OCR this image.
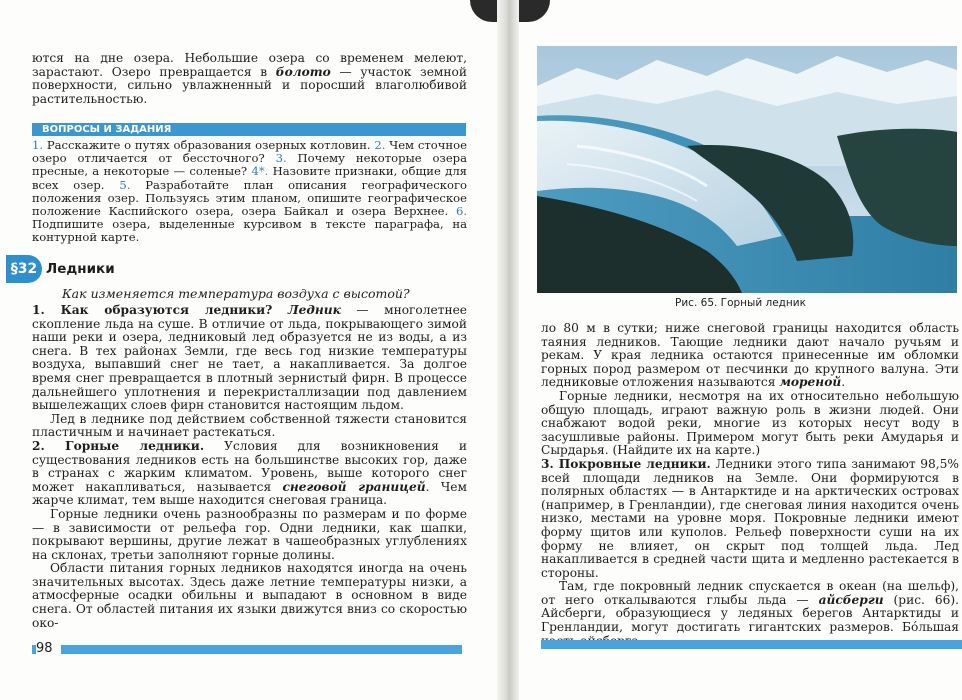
ются на дне озера. Небольшие озера со временем мелеют, зарастают. Озеро превращается в болото — участок земной поверхности, сильно увлажненный и поросший влаголюбивой растительностью.

ВОПРОСЫ И ЗАДАНИЯ
1. Расскажите о путях образования озерных котловин. 2. Чем сточное озеро отличается от бессточного? 3. Почему некоторые озера пресные, а некоторые — соленые? 4*. Назовите признаки, общие для всех озер. 5. Разработайте план описания географического положения озер. Пользуясь этим планом, опишите географическое положение Каспийского озера, озера Байкал и озера Верхнее. 6. Подпишите озера, выделенные курсивом в тексте параграфа, на контурной карте.
§32 Ледники
Как изменяется температура воздуха с высотой?

1. Как образуются ледники? Ледник — многолетнее скопление льда на суше. В отличие от льда, покрывающего зимой наши реки и озера, ледниковый лед образуется не из воды, а из снега. В тех районах Земли, где весь год низкие температуры воздуха, выпавший снег не тает, а накапливается. За долгое время снег превращается в плотный зернистый фирн. В процессе дальнейшего уплотнения и перекристаллизации под давлением вышележащих слоев фирн становится настоящим льдом.

Лед в леднике под действием собственной тяжести становится пластичным и начинает растекаться.

2. Горные ледники. Условия для возникновения и существования ледников есть на большинстве высоких гор, даже в странах с жарким климатом. Уровень, выше которого снег может накапливаться, называется снеговой границей. Чем жарче климат, тем выше находится снеговая граница.

Горные ледники очень разнообразны по размерам и по форме — в зависимости от рельефа гор. Одни ледники, как шапки, покрывают вершины, другие лежат в чашеобразных углублениях на склонах, третьи заполняют горные долины.

Области питания горных ледников находятся иногда на очень значительных высотах. Здесь даже летние температуры низки, а атмосферные осадки обильны и выпадают в основном в виде снега. От областей питания их языки движутся вниз со скоростью око-

98
Рис. 65. Горный ледник

ло 80 м в сутки; ниже снеговой границы находится область таяния ледников. Тающие ледники дают начало ручьям и рекам. У края ледника остаются принесенные им обломки горных пород размером от песчинки до крупного валуна. Эти ледниковые отложения называются мореной.

Горные ледники, несмотря на их относительно небольшую общую площадь, играют важную роль в жизни людей. Они снабжают водой реки, многие из которых несут воду в засушливые районы. Примером могут быть реки Амударья и Сырдарья. (Найдите их на карте.)

3. Покровные ледники. Ледники этого типа занимают 98,5% всей площади ледников на Земле. Они формируются в полярных областях — в Антарктиде и на арктических островах (например, в Гренландии), где снеговая линия находится очень низко, местами на уровне моря. Покровные ледники имеют форму щитов или куполов. Рельеф поверхности суши на их форму не влияет, он скрыт под толщей льда. Лед накапливается в средней части щита и медленно растекается в стороны.

Там, где покровный ледник спускается в океан (на шельф), от него откалываются глыбы льда — айсберги (рис. 66). Айсберги, образующиеся у ледяных берегов Антарктиды и Гренландии, могут достигать гигантских размеров. Бóльшая
